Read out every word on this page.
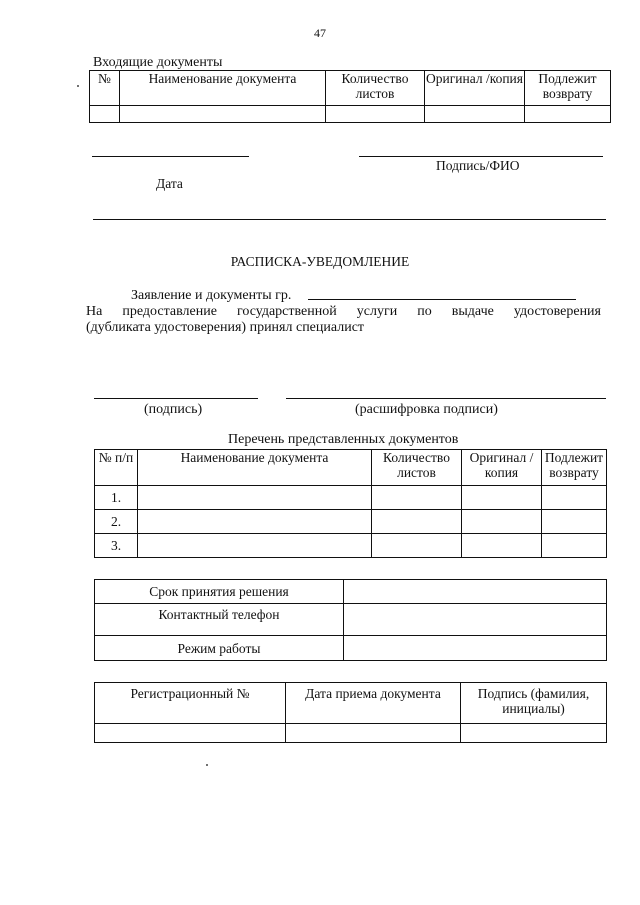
47
Входящие документы
№	Наименование документа	Количество листов	Оригинал /копия	Подлежит возврату

Подпись/ФИО
Дата
РАСПИСКА-УВЕДОМЛЕНИЕ
Заявление и документы гр.
На предоставление государственной услуги по выдаче удостоверения
(дубликата удостоверения) принял специалист
(подпись)	(расшифровка подписи)
Перечень представленных документов
№ п/п	Наименование документа	Количество листов	Оригинал /копия	Подлежит возврату
1.				
2.				
3.				
Срок принятия решения	
Контактный телефон	
Режим работы	
Регистрационный №	Дата приема документа	Подпись (фамилия, инициалы)
